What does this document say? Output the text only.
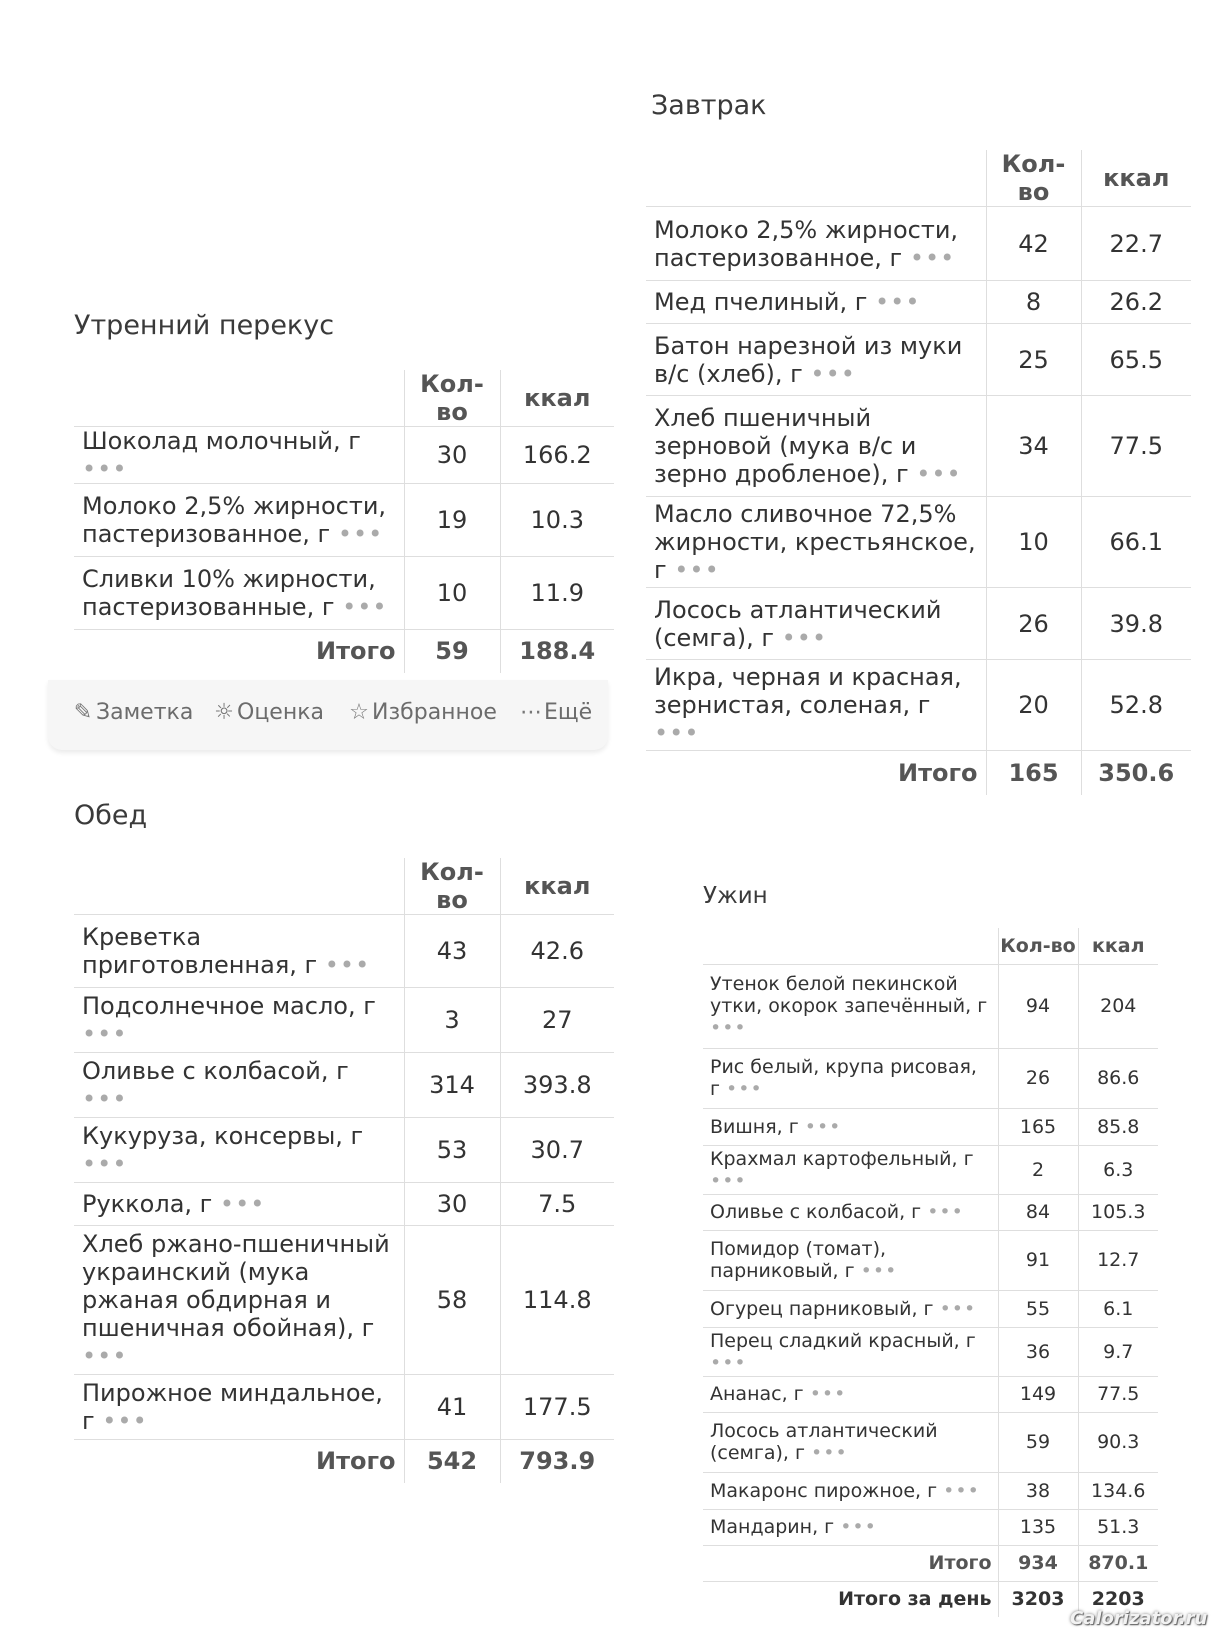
Утренний перекус
	Кол-во	ккал
Шоколад молочный, г •••	30	166.2
Молоко 2,5% жирности, пастеризованное, г •••	19	10.3
Сливки 10% жирности, пастеризованные, г •••	10	11.9
Итого	59	188.4
✎ Заметка ☼ Оценка ☆ Избранное ⋯Ещё
Обед
	Кол-во	ккал
Креветка приготовленная, г •••	43	42.6
Подсолнечное масло, г •••	3	27
Оливье с колбасой, г •••	314	393.8
Кукуруза, консервы, г •••	53	30.7
Руккола, г •••	30	7.5
Хлеб ржано-пшеничный украинский (мука ржаная обдирная и пшеничная обойная), г •••	58	114.8
Пирожное миндальное, г •••	41	177.5
Итого	542	793.9
Завтрак
	Кол-во	ккал
Молоко 2,5% жирности, пастеризованное, г •••	42	22.7
Мед пчелиный, г •••	8	26.2
Батон нарезной из муки в/с (хлеб), г •••	25	65.5
Хлеб пшеничный зерновой (мука в/с и зерно дробленое), г •••	34	77.5
Масло сливочное 72,5% жирности, крестьянское, г •••	10	66.1
Лосось атлантический (семга), г •••	26	39.8
Икра, черная и красная, зернистая, соленая, г •••	20	52.8
Итого	165	350.6
Ужин
	Кол-во	ккал
Утенок белой пекинской утки, окорок запечённый, г •••	94	204
Рис белый, крупа рисовая, г •••	26	86.6
Вишня, г •••	165	85.8
Крахмал картофельный, г •••	2	6.3
Оливье с колбасой, г •••	84	105.3
Помидор (томат), парниковый, г •••	91	12.7
Огурец парниковый, г •••	55	6.1
Перец сладкий красный, г •••	36	9.7
Ананас, г •••	149	77.5
Лосось атлантический (семга), г •••	59	90.3
Макаронс пирожное, г •••	38	134.6
Мандарин, г •••	135	51.3
Итого	934	870.1
Итого за день	3203	2203
Calorizator.ru
